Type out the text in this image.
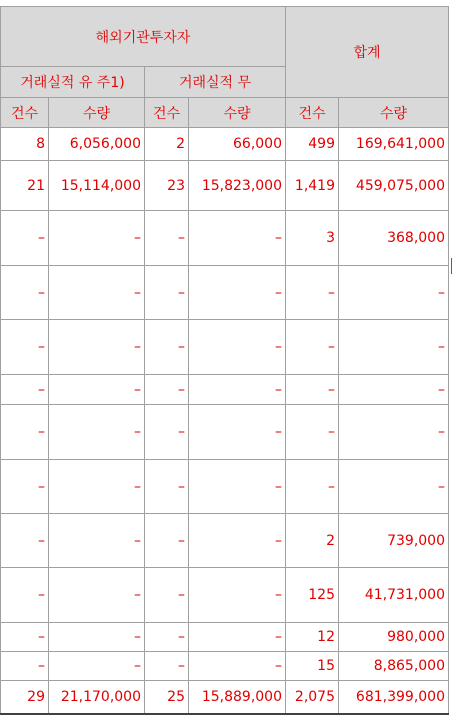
해외기관투자자				합계	
거래실적 유 주1)		거래실적 무			
건수	수량	건수	수량	건수	수량
8	6,056,000	2	66,000	499	169,641,000
21	15,114,000	23	15,823,000	1,419	459,075,000
–	–	–	–	3	368,000
–	–	–	–	–	–
–	–	–	–	–	–
–	–	–	–	–	–
–	–	–	–	–	–
–	–	–	–	–	–
–	–	–	–	2	739,000
–	–	–	–	125	41,731,000
–	–	–	–	12	980,000
–	–	–	–	15	8,865,000
29	21,170,000	25	15,889,000	2,075	681,399,000
